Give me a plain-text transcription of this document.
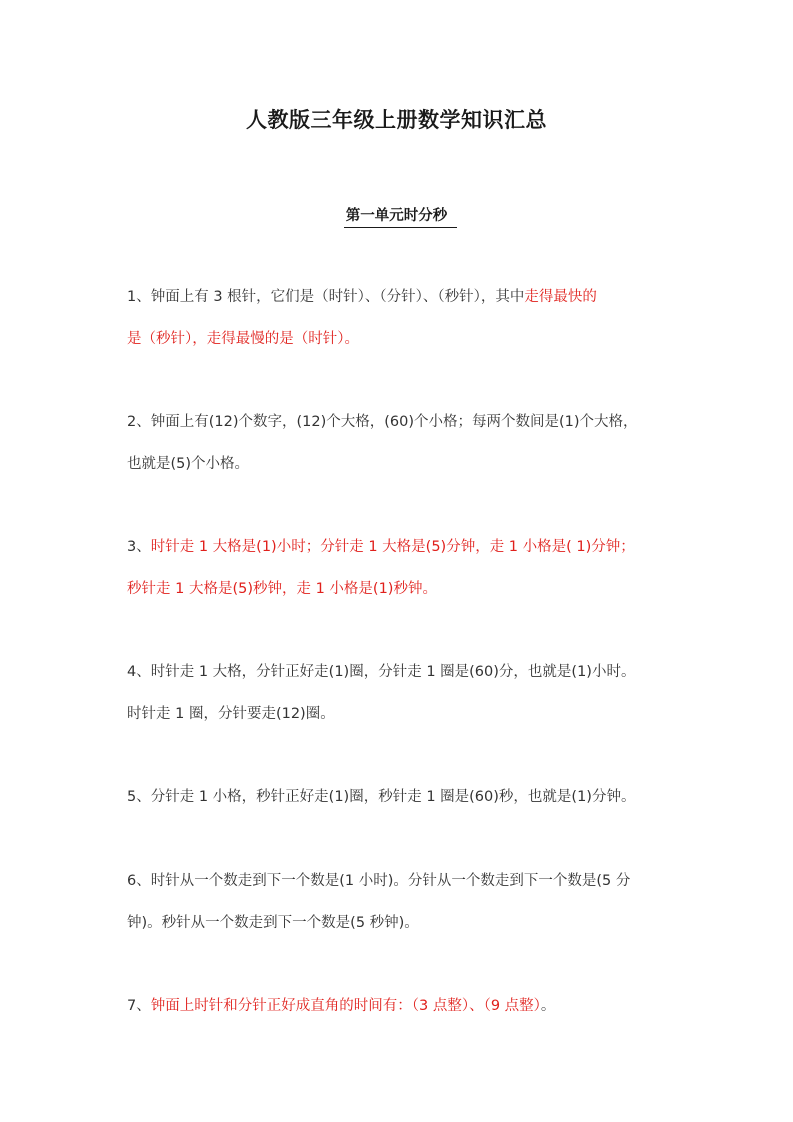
人教版三年级上册数学知识汇总
第一单元时分秒

1、钟面上有 3 根针，它们是（时针）、（分针）、（秒针），其中走得最快的
是（秒针），走得最慢的是（时针）。

2、钟面上有(12)个数字，(12)个大格，(60)个小格；每两个数间是(1)个大格，
也就是(5)个小格。

3、时针走 1 大格是(1)小时；分针走 1 大格是(5)分钟，走 1 小格是( 1)分钟；
秒针走 1 大格是(5)秒钟，走 1 小格是(1)秒钟。

4、时针走 1 大格，分针正好走(1)圈，分针走 1 圈是(60)分，也就是(1)小时。
时针走 1 圈，分针要走(12)圈。

5、分针走 1 小格，秒针正好走(1)圈，秒针走 1 圈是(60)秒，也就是(1)分钟。

6、时针从一个数走到下一个数是(1 小时)。分针从一个数走到下一个数是(5 分
钟)。秒针从一个数走到下一个数是(5 秒钟)。

7、钟面上时针和分针正好成直角的时间有：（3 点整）、（9 点整）。
